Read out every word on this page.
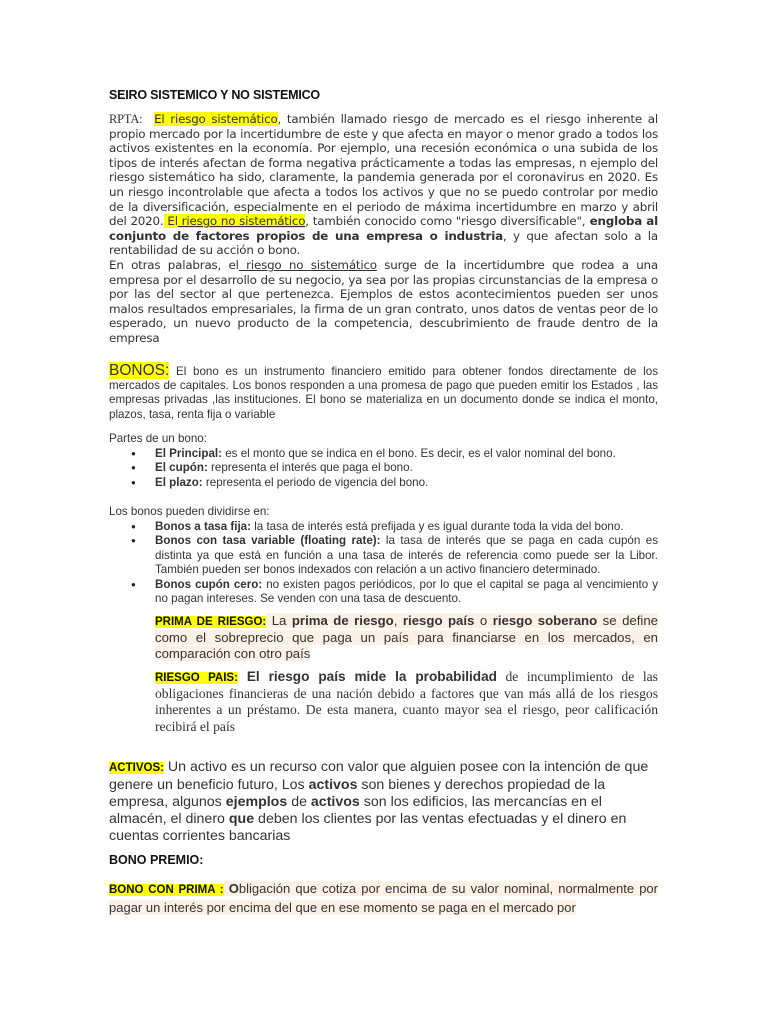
SEIRO SISTEMICO Y NO SISTEMICO

RPTA: El riesgo sistemático, también llamado riesgo de mercado es el riesgo inherente al propio mercado por la incertidumbre de este y que afecta en mayor o menor grado a todos los activos existentes en la economía. Por ejemplo, una recesión económica o una subida de los tipos de interés afectan de forma negativa prácticamente a todas las empresas, n ejemplo del riesgo sistemático ha sido, claramente, la pandemia generada por el coronavirus en 2020. Es un riesgo incontrolable que afecta a todos los activos y que no se puedo controlar por medio de la diversificación, especialmente en el periodo de máxima incertidumbre en marzo y abril del 2020. El riesgo no sistemático, también conocido como "riesgo diversificable", engloba al conjunto de factores propios de una empresa o industria, y que afectan solo a la rentabilidad de su acción o bono.

En otras palabras, el riesgo no sistemático surge de la incertidumbre que rodea a una empresa por el desarrollo de su negocio, ya sea por las propias circunstancias de la empresa o por las del sector al que pertenezca. Ejemplos de estos acontecimientos pueden ser unos malos resultados empresariales, la firma de un gran contrato, unos datos de ventas peor de lo esperado, un nuevo producto de la competencia, descubrimiento de fraude dentro de la empresa

BONOS: El bono es un instrumento financiero emitido para obtener fondos directamente de los mercados de capitales. Los bonos responden a una promesa de pago que pueden emitir los Estados , las empresas privadas ,las instituciones. El bono se materializa en un documento donde se indica el monto, plazos, tasa, renta fija o variable
Partes de un bono:
● El Principal: es el monto que se indica en el bono. Es decir, es el valor nominal del bono.
● El cupón: representa el interés que paga el bono.
● El plazo: representa el periodo de vigencia del bono.
Los bonos pueden dividirse en:
● Bonos a tasa fija: la tasa de interés está prefijada y es igual durante toda la vida del bono.
● Bonos con tasa variable (floating rate): la tasa de interés que se paga en cada cupón es distinta ya que está en función a una tasa de interés de referencia como puede ser la Libor. También pueden ser bonos indexados con relación a un activo financiero determinado.
● Bonos cupón cero: no existen pagos periódicos, por lo que el capital se paga al vencimiento y no pagan intereses. Se venden con una tasa de descuento.
PRIMA DE RIESGO: La prima de riesgo, riesgo país o riesgo soberano se define como el sobreprecio que paga un país para financiarse en los mercados, en comparación con otro país
RIESGO PAIS: El riesgo país mide la probabilidad de incumplimiento de las obligaciones financieras de una nación debido a factores que van más allá de los riesgos inherentes a un préstamo. De esta manera, cuanto mayor sea el riesgo, peor calificación recibirá el país
ACTIVOS: Un activo es un recurso con valor que alguien posee con la intención de que genere un beneficio futuro, Los activos son bienes y derechos propiedad de la empresa, algunos ejemplos de activos son los edificios, las mercancías en el almacén, el dinero que deben los clientes por las ventas efectuadas y el dinero en cuentas corrientes bancarias
BONO PREMIO:
BONO CON PRIMA : Obligación que cotiza por encima de su valor nominal, normalmente por pagar un interés por encima del que en ese momento se paga en el mercado por
